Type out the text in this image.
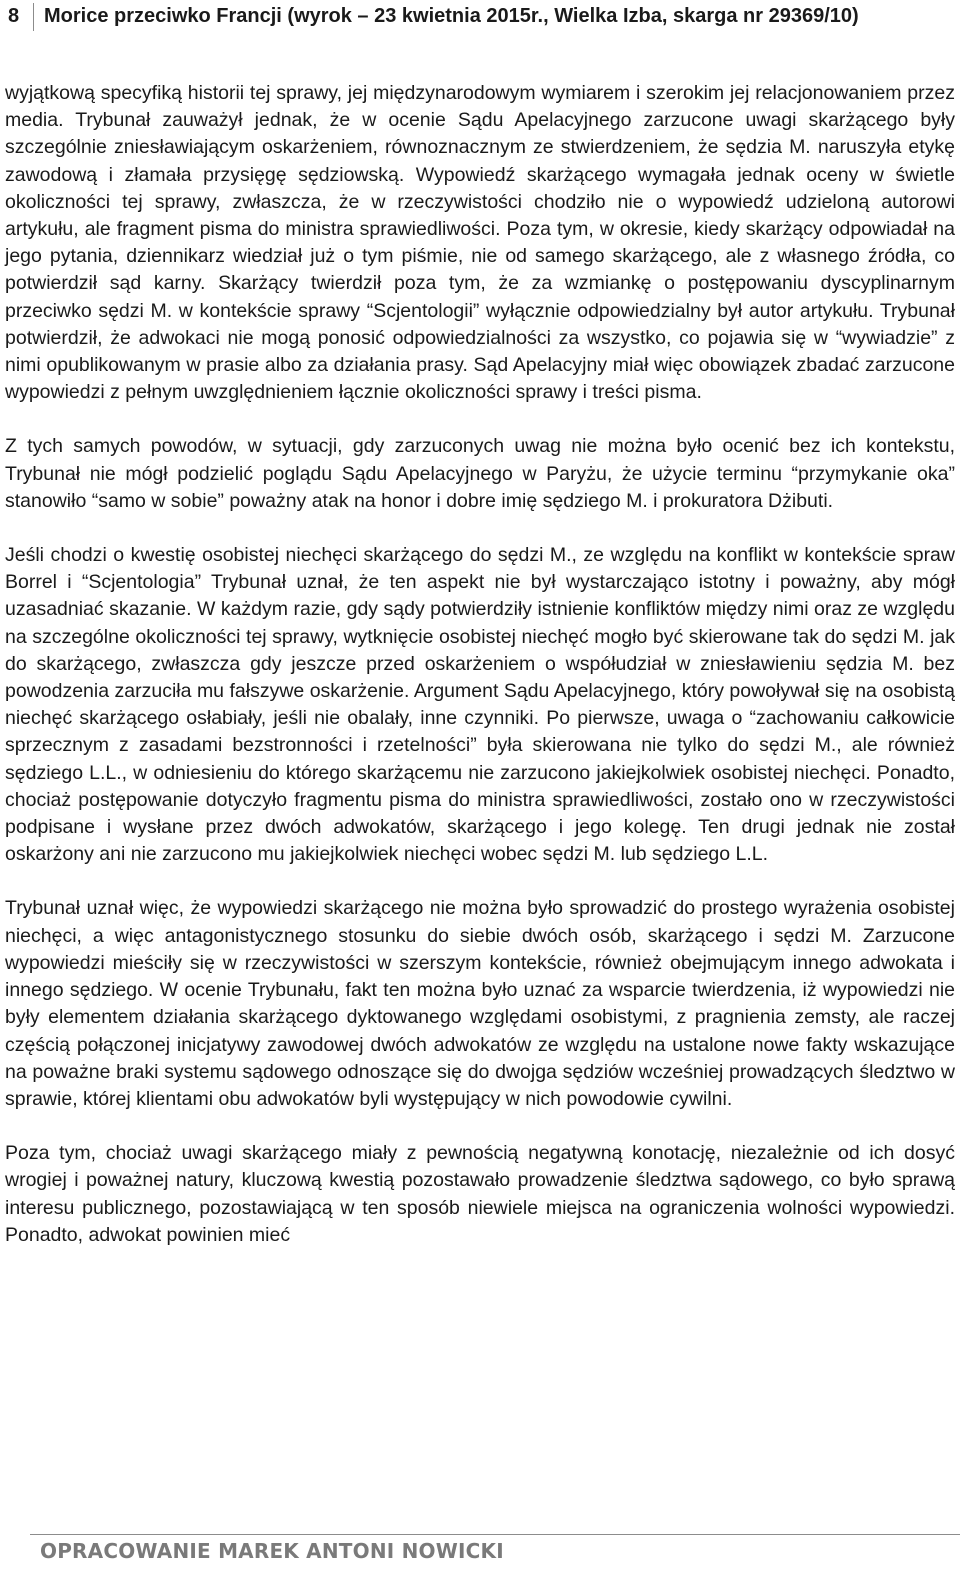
8 Morice przeciwko Francji (wyrok – 23 kwietnia 2015r., Wielka Izba, skarga nr 29369/10)

wyjątkową specyfiką historii tej sprawy, jej międzynarodowym wymiarem i szerokim jej relacjonowaniem przez media. Trybunał zauważył jednak, że w ocenie Sądu Apelacyjnego zarzucone uwagi skarżącego były szczególnie zniesławiającym oskarżeniem, równoznacznym ze stwierdzeniem, że sędzia M. naruszyła etykę zawodową i złamała przysięgę sędziowską. Wypowiedź skarżącego wymagała jednak oceny w świetle okoliczności tej sprawy, zwłaszcza, że w rzeczywistości chodziło nie o wypowiedź udzieloną autorowi artykułu, ale fragment pisma do ministra sprawiedliwości. Poza tym, w okresie, kiedy skarżący odpowiadał na jego pytania, dziennikarz wiedział już o tym piśmie, nie od samego skarżącego, ale z własnego źródła, co potwierdził sąd karny. Skarżący twierdził poza tym, że za wzmiankę o postępowaniu dyscyplinarnym przeciwko sędzi M. w kontekście sprawy “Scjentologii” wyłącznie odpowiedzialny był autor artykułu. Trybunał potwierdził, że adwokaci nie mogą ponosić odpowiedzialności za wszystko, co pojawia się w “wywiadzie” z nimi opublikowanym w prasie albo za działania prasy. Sąd Apelacyjny miał więc obowiązek zbadać zarzucone wypowiedzi z pełnym uwzględnieniem łącznie okoliczności sprawy i treści pisma.

Z tych samych powodów, w sytuacji, gdy zarzuconych uwag nie można było ocenić bez ich kontekstu, Trybunał nie mógł podzielić poglądu Sądu Apelacyjnego w Paryżu, że użycie terminu “przymykanie oka” stanowiło “samo w sobie” poważny atak na honor i dobre imię sędziego M. i prokuratora Dżibuti.

Jeśli chodzi o kwestię osobistej niechęci skarżącego do sędzi M., ze względu na konflikt w kontekście spraw Borrel i “Scjentologia” Trybunał uznał, że ten aspekt nie był wystarczająco istotny i poważny, aby mógł uzasadniać skazanie. W każdym razie, gdy sądy potwierdziły istnienie konfliktów między nimi oraz ze względu na szczególne okoliczności tej sprawy, wytknięcie osobistej niechęć mogło być skierowane tak do sędzi M. jak do skarżącego, zwłaszcza gdy jeszcze przed oskarżeniem o współudział w zniesławieniu sędzia M. bez powodzenia zarzuciła mu fałszywe oskarżenie. Argument Sądu Apelacyjnego, który powoływał się na osobistą niechęć skarżącego osłabiały, jeśli nie obalały, inne czynniki. Po pierwsze, uwaga o “zachowaniu całkowicie sprzecznym z zasadami bezstronności i rzetelności” była skierowana nie tylko do sędzi M., ale również sędziego L.L., w odniesieniu do którego skarżącemu nie zarzucono jakiejkolwiek osobistej niechęci. Ponadto, chociaż postępowanie dotyczyło fragmentu pisma do ministra sprawiedliwości, zostało ono w rzeczywistości podpisane i wysłane przez dwóch adwokatów, skarżącego i jego kolegę. Ten drugi jednak nie został oskarżony ani nie zarzucono mu jakiejkolwiek niechęci wobec sędzi M. lub sędziego L.L.

Trybunał uznał więc, że wypowiedzi skarżącego nie można było sprowadzić do prostego wyrażenia osobistej niechęci, a więc antagonistycznego stosunku do siebie dwóch osób, skarżącego i sędzi M. Zarzucone wypowiedzi mieściły się w rzeczywistości w szerszym kontekście, również obejmującym innego adwokata i innego sędziego. W ocenie Trybunału, fakt ten można było uznać za wsparcie twierdzenia, iż wypowiedzi nie były elementem działania skarżącego dyktowanego względami osobistymi, z pragnienia zemsty, ale raczej częścią połączonej inicjatywy zawodowej dwóch adwokatów ze względu na ustalone nowe fakty wskazujące na poważne braki systemu sądowego odnoszące się do dwojga sędziów wcześniej prowadzących śledztwo w sprawie, której klientami obu adwokatów byli występujący w nich powodowie cywilni.

Poza tym, chociaż uwagi skarżącego miały z pewnością negatywną konotację, niezależnie od ich dosyć wrogiej i poważnej natury, kluczową kwestią pozostawało prowadzenie śledztwa sądowego, co było sprawą interesu publicznego, pozostawiającą w ten sposób niewiele miejsca na ograniczenia wolności wypowiedzi. Ponadto, adwokat powinien mieć

OPRACOWANIE MAREK ANTONI NOWICKI
